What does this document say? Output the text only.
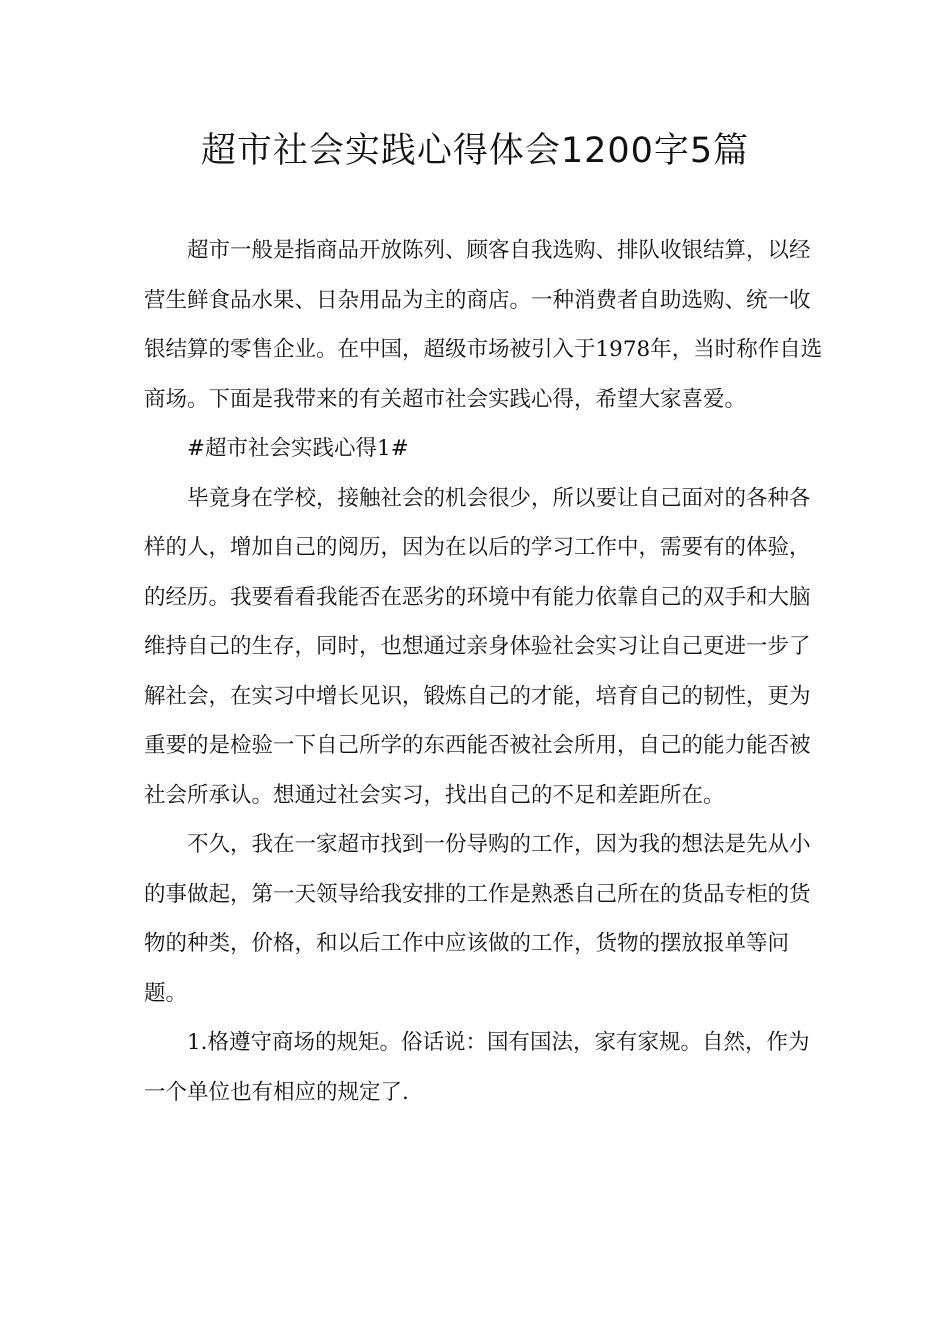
超市社会实践心得体会1200字5篇

超市一般是指商品开放陈列、顾客自我选购、排队收银结算，以经营生鲜食品水果、日杂用品为主的商店。一种消费者自助选购、统一收银结算的零售企业。在中国，超级市场被引入于1978年，当时称作自选商场。下面是我带来的有关超市社会实践心得，希望大家喜爱。

#超市社会实践心得1#

毕竟身在学校，接触社会的机会很少，所以要让自己面对的各种各样的人，增加自己的阅历，因为在以后的学习工作中，需要有的体验，的经历。我要看看我能否在恶劣的环境中有能力依靠自己的双手和大脑维持自己的生存，同时，也想通过亲身体验社会实习让自己更进一步了解社会，在实习中增长见识，锻炼自己的才能，培育自己的韧性，更为重要的是检验一下自己所学的东西能否被社会所用，自己的能力能否被社会所承认。想通过社会实习，找出自己的不足和差距所在。

不久，我在一家超市找到一份导购的工作，因为我的想法是先从小的事做起，第一天领导给我安排的工作是熟悉自己所在的货品专柜的货物的种类，价格，和以后工作中应该做的工作，货物的摆放报单等问题。

1.格遵守商场的规矩。俗话说：国有国法，家有家规。自然，作为一个单位也有相应的规定了.
